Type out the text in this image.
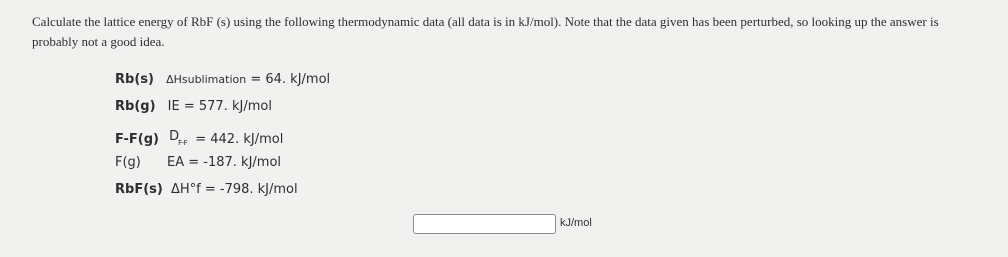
Calculate the lattice energy of RbF (s) using the following thermodynamic data (all data is in kJ/mol). Note that the data given has been perturbed, so looking up the answer is probably not a good idea.

Rb(s) ΔHsublimation = 64. kJ/mol
Rb(g) IE = 577. kJ/mol
F-F(g) D
F-F = 442. kJ/mol
F(g) EA = -187. kJ/mol
RbF(s) ΔH°f = -798. kJ/mol
kJ/mol
